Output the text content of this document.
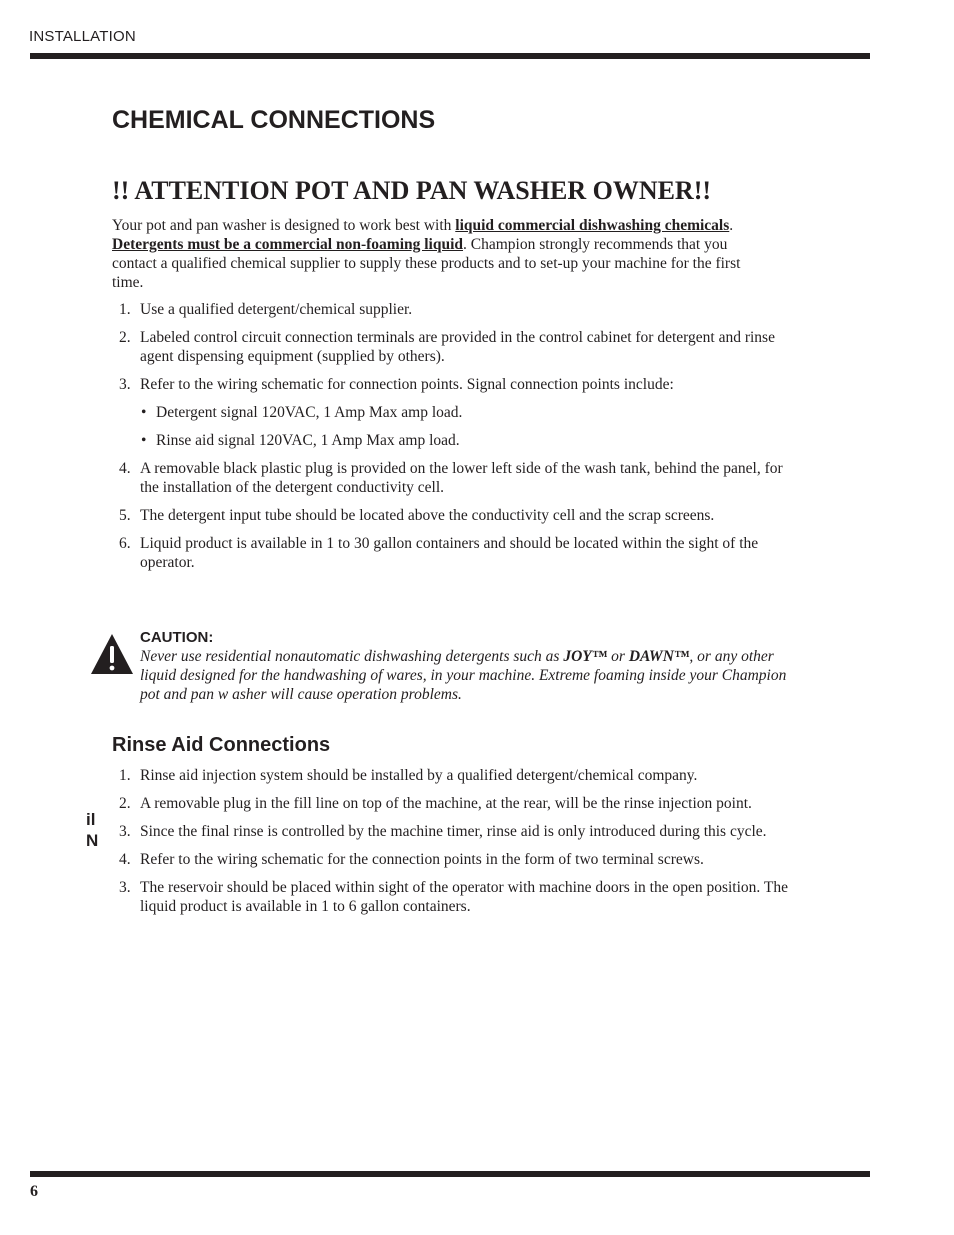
INSTALLATION
CHEMICAL CONNECTIONS
!! ATTENTION POT AND PAN WASHER OWNER!!

Your pot and pan washer is designed to work best with liquid commercial dishwashing chemicals. Detergents must be a commercial non-foaming liquid. Champion strongly recommends that you contact a qualified chemical supplier to supply these products and to set-up your machine for the first time.

1. Use a qualified detergent/chemical supplier.
2. Labeled control circuit connection terminals are provided in the control cabinet for detergent and rinse agent dispensing equipment (supplied by others).
3. Refer to the wiring schematic for connection points. Signal connection points include:
• Detergent signal 120VAC, 1 Amp Max amp load.
• Rinse aid signal 120VAC, 1 Amp Max amp load.
4. A removable black plastic plug is provided on the lower left side of the wash tank, behind the panel, for the installation of the detergent conductivity cell.
5. The detergent input tube should be located above the conductivity cell and the scrap screens.
6. Liquid product is available in 1 to 30 gallon containers and should be located within the sight of the operator.
CAUTION:

Never use residential nonautomatic dishwashing detergents such as JOY™ or DAWN™, or any other liquid designed for the handwashing of wares, in your machine. Extreme foaming inside your Champion pot and pan w asher will cause operation problems.

Rinse Aid Connections
1. Rinse aid injection system should be installed by a qualified detergent/chemical company.
2. A removable plug in the fill line on top of the machine, at the rear, will be the rinse injection point.
3. Since the final rinse is controlled by the machine timer, rinse aid is only introduced during this cycle.
4. Refer to the wiring schematic for the connection points in the form of two terminal screws.
3. The reservoir should be placed within sight of the operator with machine doors in the open position. The liquid product is available in 1 to 6 gallon containers.
il
N
6
